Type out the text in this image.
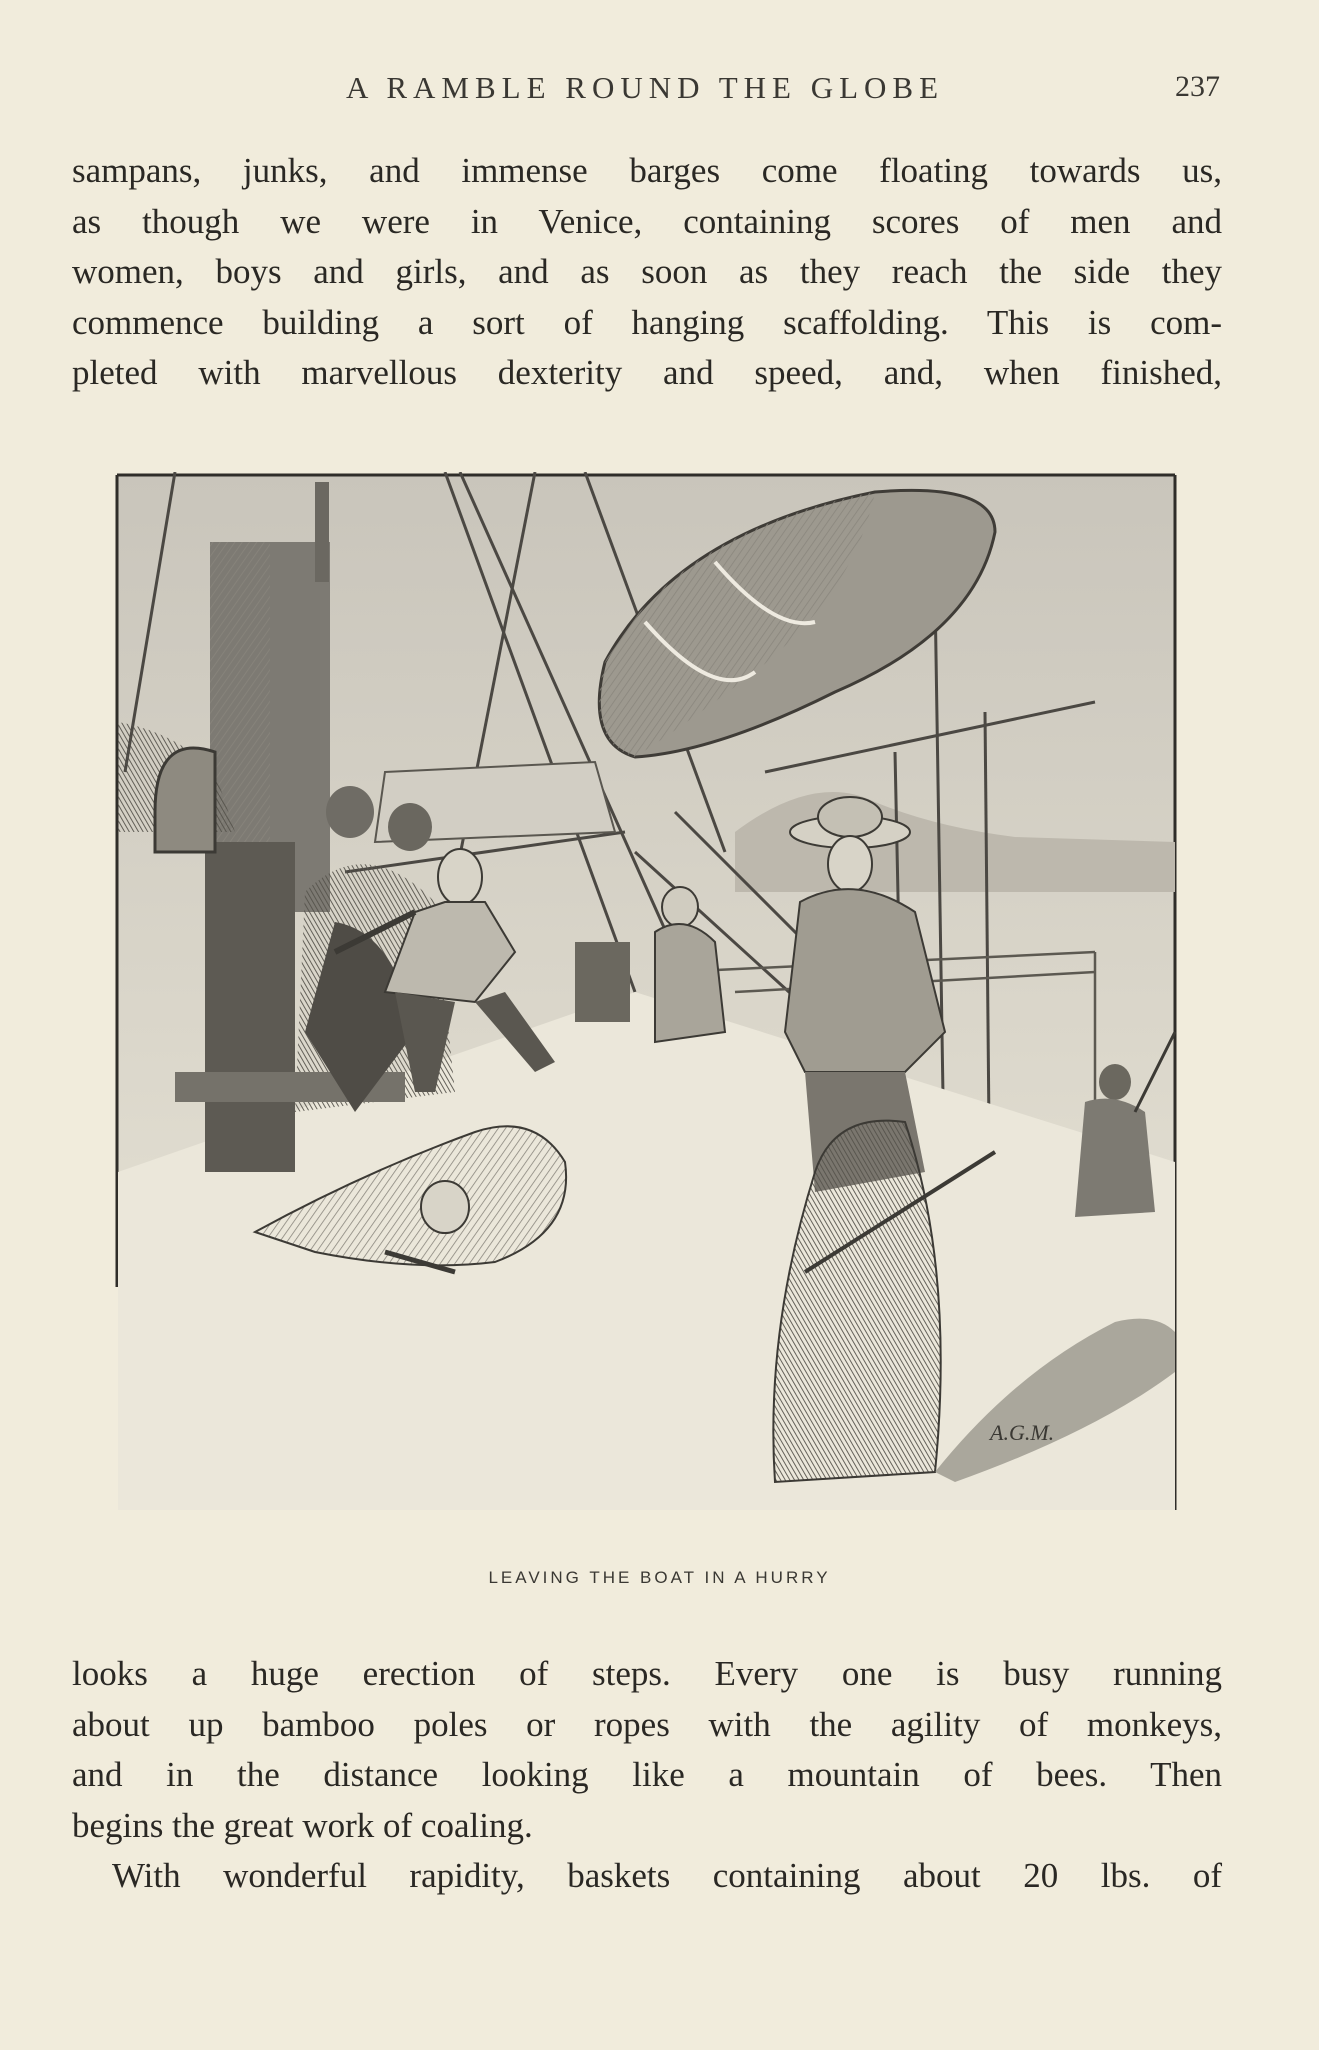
A RAMBLE ROUND THE GLOBE	237
sampans, junks, and immense barges come floating towards us,
as though we were in Venice, containing scores of men and
women, boys and girls, and as soon as they reach the side they
commence building a sort of hanging scaffolding. This is com-
pleted with marvellous dexterity and speed, and, when finished,
A.G.M.
LEAVING THE BOAT IN A HURRY
looks a huge erection of steps. Every one is busy running
about up bamboo poles or ropes with the agility of monkeys,
and in the distance looking like a mountain of bees. Then
begins the great work of coaling.
With wonderful rapidity, baskets containing about 20 lbs. of
